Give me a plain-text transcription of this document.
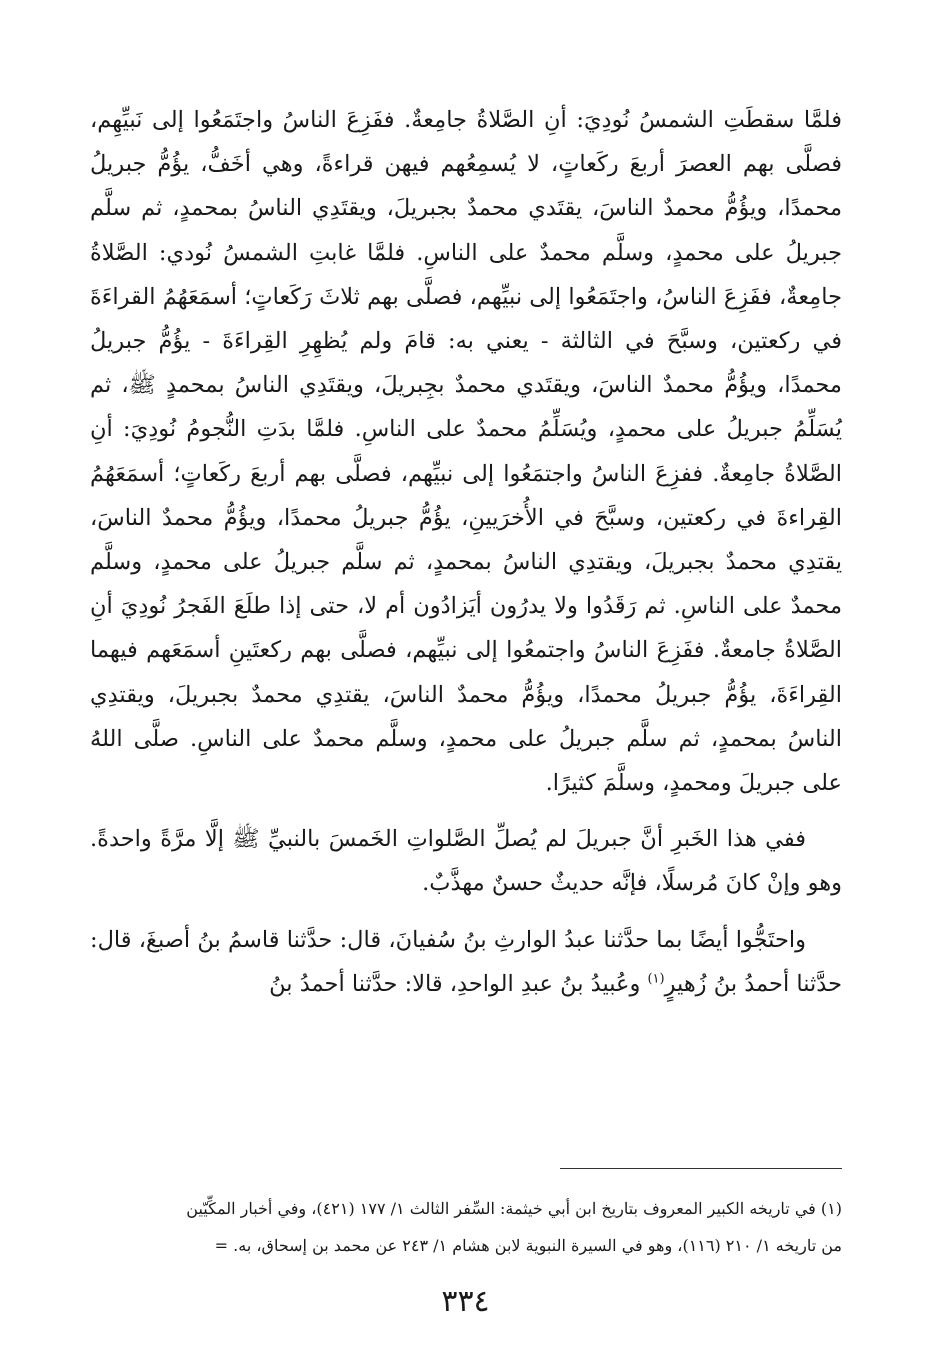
فلمَّا سقطَتِ الشمسُ نُودِيَ: أنِ الصَّلاةُ جامِعةٌ. ففَزِعَ الناسُ واجتَمَعُوا إلى نَبيِّهِم، فصلَّى بهم العصرَ أربعَ ركَعاتٍ، لا يُسمِعُهم فيهن قراءةً، وهي أخَفُّ، يؤُمُّ جبريلُ محمدًا، ويؤُمُّ محمدٌ الناسَ، يقتَدي محمدٌ بجبريلَ، ويقتَدِي الناسُ بمحمدٍ، ثم سلَّم جبريلُ على محمدٍ، وسلَّم محمدٌ على الناسِ. فلمَّا غابتِ الشمسُ نُودي: الصَّلاةُ جامِعةٌ، ففَزِعَ الناسُ، واجتَمَعُوا إلى نبيِّهم، فصلَّى بهم ثلاثَ رَكَعاتٍ؛ أسمَعَهُمُ القراءَةَ في ركعتين، وسبَّحَ في الثالثة - يعني به: قامَ ولم يُظهِرِ القِراءَةَ - يؤُمُّ جبريلُ محمدًا، ويؤُمُّ محمدٌ الناسَ، ويقتَدي محمدٌ بجِبريلَ، ويقتَدِي الناسُ بمحمدٍ ﷺ، ثم يُسَلِّمُ جبريلُ على محمدٍ، ويُسَلِّمُ محمدٌ على الناسِ. فلمَّا بدَتِ النُّجومُ نُودِيَ: أنِ الصَّلاةُ جامِعةٌ. ففزِعَ الناسُ واجتمَعُوا إلى نبيِّهم، فصلَّى بهم أربعَ ركَعاتٍ؛ أسمَعَهُمُ القِراءةَ في ركعتين، وسبَّحَ في الأُخرَيينِ، يؤُمُّ جبريلُ محمدًا، ويؤُمُّ محمدٌ الناسَ، يقتدِي محمدٌ بجبريلَ، ويقتدِي الناسُ بمحمدٍ، ثم سلَّم جبريلُ على محمدٍ، وسلَّم محمدٌ على الناسِ. ثم رَقَدُوا ولا يدرُون أيَزادُون أم لا، حتى إذا طلَعَ الفَجرُ نُودِيَ أنِ الصَّلاةُ جامعةٌ. ففَزِعَ الناسُ واجتمعُوا إلى نبيِّهم، فصلَّى بهم ركعتَينِ أسمَعَهم فيهما القِراءَةَ، يؤُمُّ جبريلُ محمدًا، ويؤُمُّ محمدٌ الناسَ، يقتدِي محمدٌ بجبريلَ، ويقتدِي الناسُ بمحمدٍ، ثم سلَّم جبريلُ على محمدٍ، وسلَّم محمدٌ على الناسِ. صلَّى اللهُ على جبريلَ ومحمدٍ، وسلَّمَ كثيرًا.

ففي هذا الخَبرِ أنَّ جبريلَ لم يُصلِّ الصَّلواتِ الخَمسَ بالنبيِّ ﷺ إلَّا مرَّةً واحدةً. وهو وإنْ كانَ مُرسلًا، فإنَّه حديثٌ حسنٌ مهذَّبٌ.

واحتَجُّوا أيضًا بما حدَّثنا عبدُ الوارثِ بنُ سُفيانَ، قال: حدَّثنا قاسمُ بنُ أصبغَ، قال: حدَّثنا أحمدُ بنُ زُهيرٍ$^{(١)}$ وعُبيدُ بنُ عبدِ الواحدِ، قالا: حدَّثنا أحمدُ بنُ

(١) في تاريخه الكبير المعروف بتاريخ ابن أبي خيثمة: السِّفر الثالث ١/ ١٧٧ (٤٢١)، وفي أخبار المكِّيّين

من تاريخه ١/ ٢١٠ (١١٦)، وهو في السيرة النبوية لابن هشام ١/ ٢٤٣ عن محمد بن إسحاق، به. =

٣٣٤
